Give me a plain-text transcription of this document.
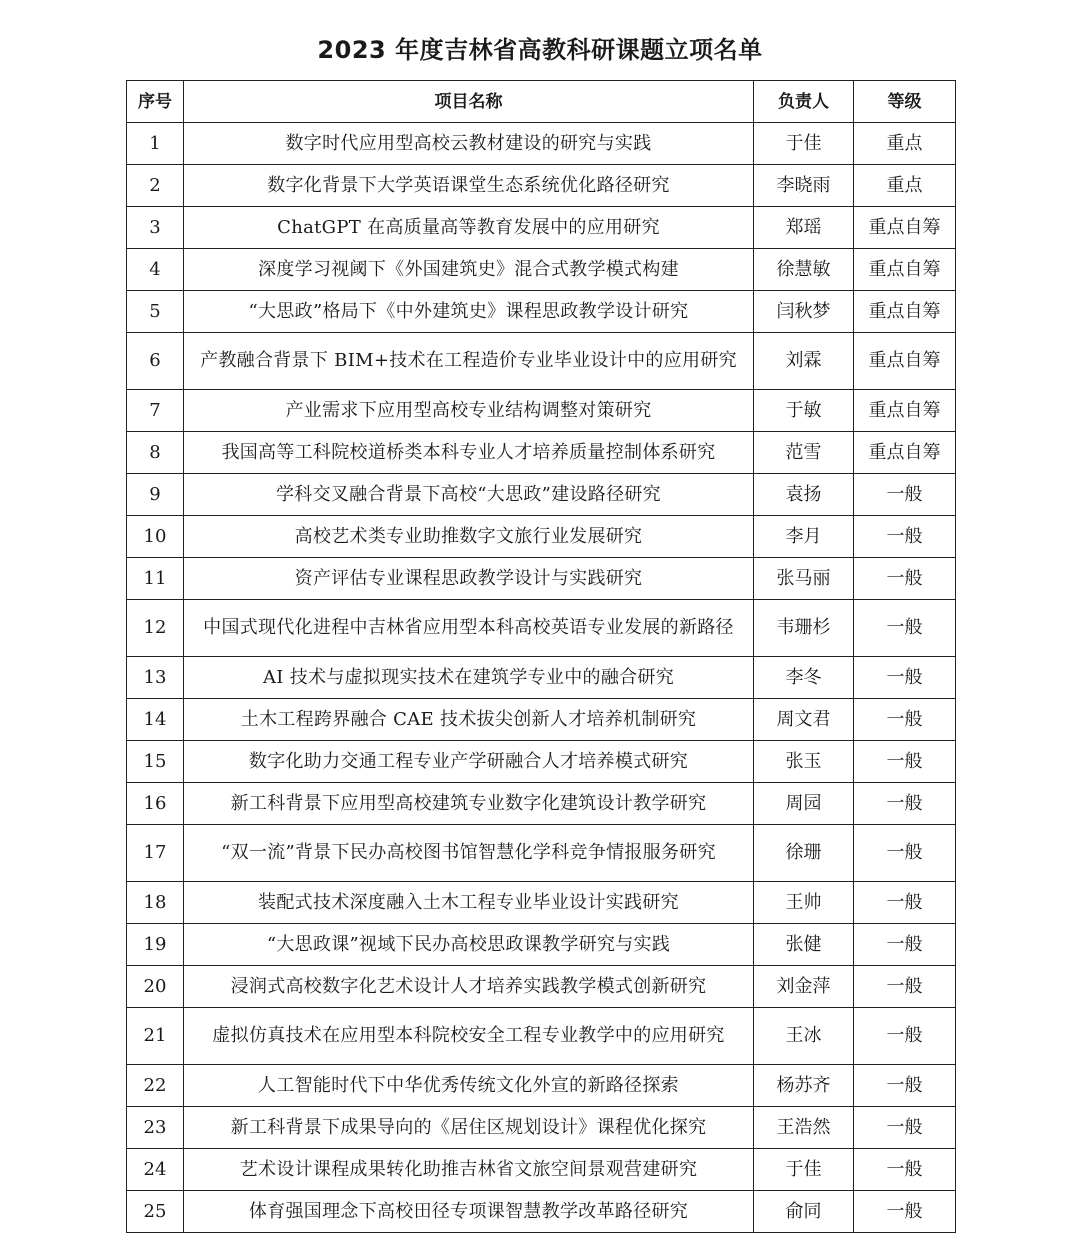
2023 年度吉林省高教科研课题立项名单
序号	项目名称	负责人	等级
1	数字时代应用型高校云教材建设的研究与实践	于佳	重点
2	数字化背景下大学英语课堂生态系统优化路径研究	李晓雨	重点
3	ChatGPT 在高质量高等教育发展中的应用研究	郑瑶	重点自筹
4	深度学习视阈下《外国建筑史》混合式教学模式构建	徐慧敏	重点自筹
5	“大思政”格局下《中外建筑史》课程思政教学设计研究	闫秋梦	重点自筹
6	产教融合背景下 BIM+技术在工程造价专业毕业设计中的应用研究	刘霖	重点自筹
7	产业需求下应用型高校专业结构调整对策研究	于敏	重点自筹
8	我国高等工科院校道桥类本科专业人才培养质量控制体系研究	范雪	重点自筹
9	学科交叉融合背景下高校“大思政”建设路径研究	袁扬	一般
10	高校艺术类专业助推数字文旅行业发展研究	李月	一般
11	资产评估专业课程思政教学设计与实践研究	张马丽	一般
12	中国式现代化进程中吉林省应用型本科高校英语专业发展的新路径	韦珊杉	一般
13	AI 技术与虚拟现实技术在建筑学专业中的融合研究	李冬	一般
14	土木工程跨界融合 CAE 技术拔尖创新人才培养机制研究	周文君	一般
15	数字化助力交通工程专业产学研融合人才培养模式研究	张玉	一般
16	新工科背景下应用型高校建筑专业数字化建筑设计教学研究	周园	一般
17	“双一流”背景下民办高校图书馆智慧化学科竞争情报服务研究	徐珊	一般
18	装配式技术深度融入土木工程专业毕业设计实践研究	王帅	一般
19	“大思政课”视域下民办高校思政课教学研究与实践	张健	一般
20	浸润式高校数字化艺术设计人才培养实践教学模式创新研究	刘金萍	一般
21	虚拟仿真技术在应用型本科院校安全工程专业教学中的应用研究	王冰	一般
22	人工智能时代下中华优秀传统文化外宣的新路径探索	杨苏齐	一般
23	新工科背景下成果导向的《居住区规划设计》课程优化探究	王浩然	一般
24	艺术设计课程成果转化助推吉林省文旅空间景观营建研究	于佳	一般
25	体育强国理念下高校田径专项课智慧教学改革路径研究	俞同	一般
